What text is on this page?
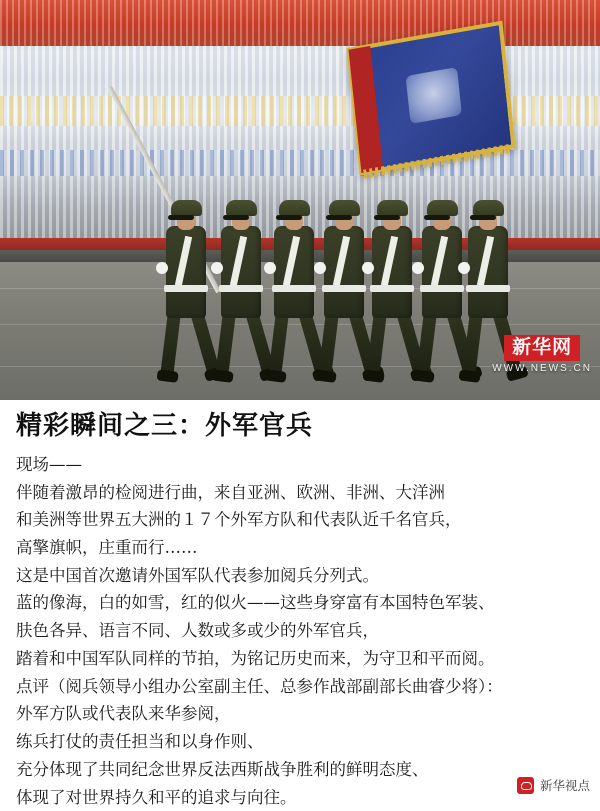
新华网
WWW.NEWS.CN
精彩瞬间之三：外军官兵

现场——

伴随着激昂的检阅进行曲，来自亚洲、欧洲、非洲、大洋洲

和美洲等世界五大洲的１７个外军方队和代表队近千名官兵，

高擎旗帜，庄重而行……

这是中国首次邀请外国军队代表参加阅兵分列式。

蓝的像海，白的如雪，红的似火——这些身穿富有本国特色军装、

肤色各异、语言不同、人数或多或少的外军官兵，

踏着和中国军队同样的节拍，为铭记历史而来，为守卫和平而阅。

点评（阅兵领导小组办公室副主任、总参作战部副部长曲睿少将）：

外军方队或代表队来华参阅，

练兵打仗的责任担当和以身作则、

充分体现了共同纪念世界反法西斯战争胜利的鲜明态度、

体现了对世界持久和平的追求与向往。

新华视点
